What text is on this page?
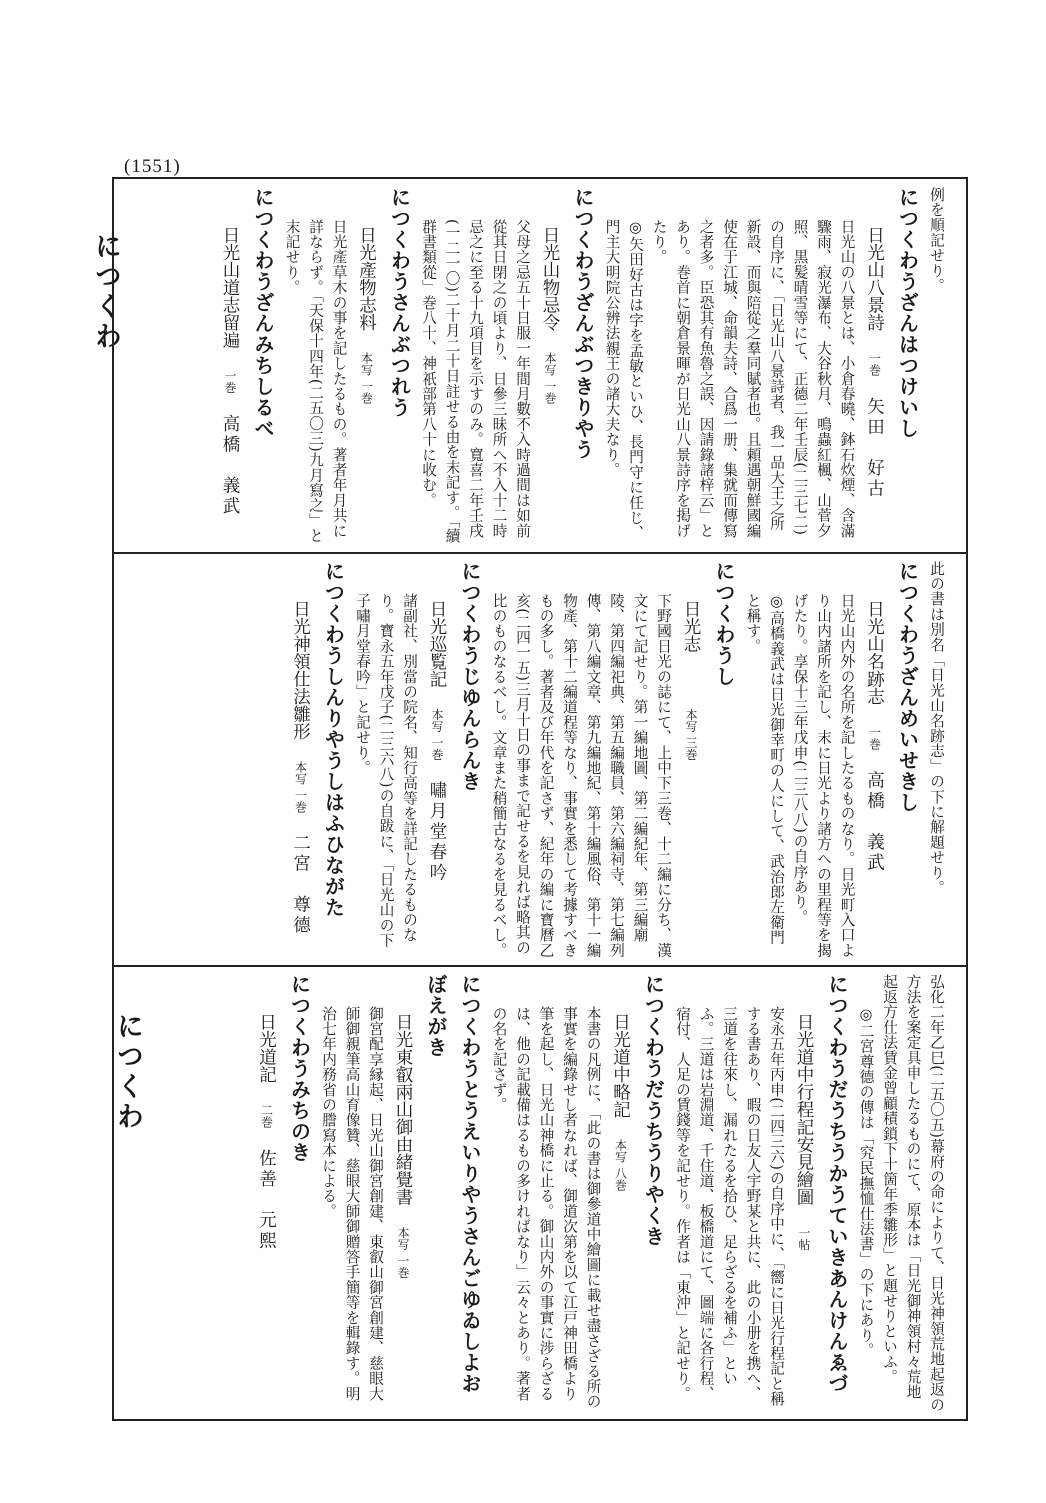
(1551)
につくわ
につくわ

例を順記せり。

につくわうざんはつけいし

日光山八景詩一巻矢田　好古

日光山の八景とは、小倉春曉、鉢石炊煙、含滿驟雨、寂光瀑布、大谷秋月、鳴蟲紅楓、山菅夕照、黒髪晴雪等にて、正德二年壬辰(二三七二)の自序に、「日光山八景詩者、我一品大王之所新設、而與陪從之羣同賦者也。且頼遇朝鮮國編使在于江城、命韻夫詩、合爲一册、集就而傳寫之者多。臣恐其有魚魯之誤、因請錄諸梓云」とあり。巻首に朝倉景暉が日光山八景詩序を掲げたり。

◎矢田好古は字を孟敏といひ、長門守に任じ、門主大明院公辨法親王の諸大夫なり。

につくわうざんぶつきりやう

日光山物忌令本写 一巻

父母之忌五十日服一年間月數不入時過間は如前從其日閉之の頃より、日參三昧所へ不入十二時忌之に至る十九項目を示すのみ。寬喜二年壬戌(一二一〇)二十月二十日註せる由を末記す。「續群書類從」巻八十、神祇部第八十に收む。

につくわうさんぶつれう

日光產物志料本写 一巻

日光產草木の事を記したるもの。著者年月共に詳ならず。「天保十四年(二五〇三)九月寫之」と末記せり。

につくわうざんみちしるべ

日光山道志留遍一巻高橋　義武

此の書は別名「日光山名跡志」の下に解題せり。

につくわうざんめいせきし

日光山名跡志一巻高橋　義武

日光山内外の名所を記したるものなり。日光町入口より山内諸所を記し、末に日光より諸方への里程等を揭げたり。享保十三年戊申(二三八八)の自序あり。

◎高橋義武は日光御幸町の人にして、武治郎左衛門と稱す。

につくわうし

日光志本写 三巻

下野國日光の誌にて、上中下三巻、十二編に分ち、漢文にて記せり。第一編地圖、第二編紀年、第三編廟陵、第四編祀典、第五編職員、第六編祠寺、第七編列傳、第八編文章、第九編地紀、第十編風俗、第十一編物產、第十二編道程等なり、事實を悉して考據すべきもの多し。著者及び年代を記さず、紀年の編に寶曆乙亥(二四一五)三月十日の事まで記せるを見れば略其の比のものなるべし。文章また稍簡古なるを見るべし。

につくわうじゆんらんき

日光巡覧記本写 一巻嘯月堂春吟

諸副社、別當の院名、知行高等を詳記したるものなり。寶永五年戊子(二三六八)の自跋に、「日光山の下子嘯月堂春吟」と記せり。

につくわうしんりやうしはふひながた

日光神領仕法雛形本写 一巻二宮　尊德

弘化二年乙巳(二五〇五)幕府の命によりて、日光神領荒地起返の方法を案定具申したるものにて、原本は「日光御神領村々荒地起返方仕法賃金曾顧積鎖下十箇年季雛形」と題せりといふ。

◎二宮尊德の傳は「究民撫恤仕法書」の下にあり。

につくわうだうちうかうていきあんけんゑづ

日光道中行程記安見繪圖一帖

安永五年丙申(二四三六)の自序中に、「嚮に日光行程記と稱する書あり、暇の日友人宇野某と共に、此の小册を携へ、三道を往來し、漏れたるを拾ひ、足らざるを補ふ」といふ。三道は岩淵道、千住道、板橋道にて、圖端に各行程、宿付、人足の賃錢等を記せり。作者は「東沖」と記せり。

につくわうだうちうりやくき

日光道中略記本写 八巻

本書の凡例に、「此の書は御參道中繪圖に載せ盡さざる所の事實を編錄せし者なれば、御道次第を以て江戸神田橋より筆を起し、日光山神橋に止る。御山内外の事實に涉らざるは、他の記載備はるもの多ければなり」云々とあり。著者の名を記さず。

につくわうとうえいりやうさんごゆゐしよおぼえがき

日光東叡兩山御由緒覺書本写 一巻

御宮配享縁起、日光山御宮創建、東叡山御宮創建、慈眼大師御親筆高山育像贊、慈眼大師御贈答手簡等を輯錄す。明治七年内務省の謄寫本による。

につくわうみちのき

日光道記二巻佐善　元熙
